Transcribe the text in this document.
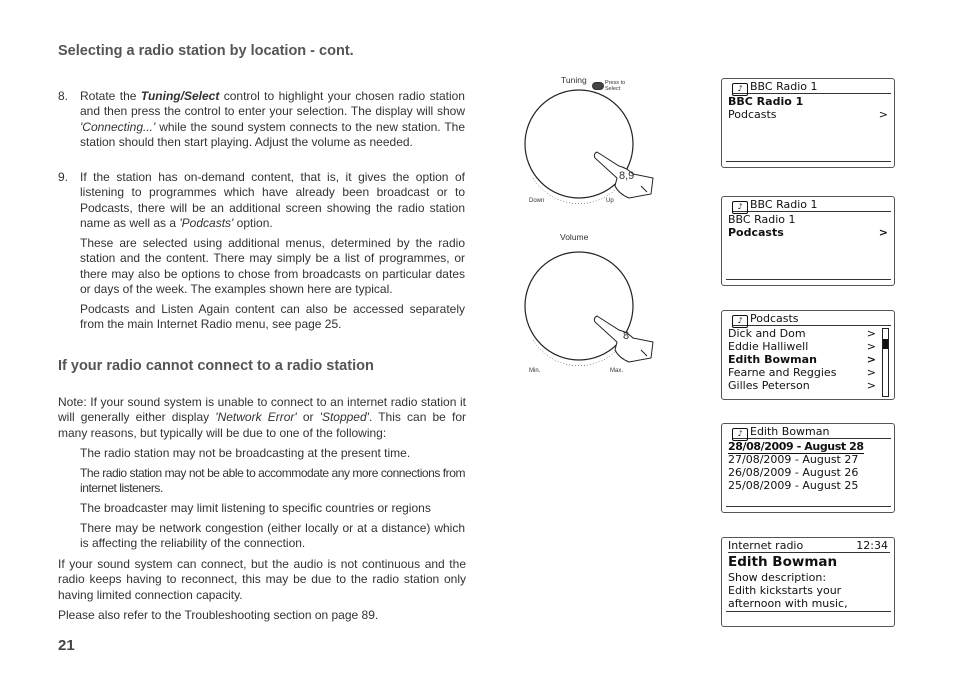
Selecting a radio station by location - cont.
If your radio cannot connect to a radio station
8. Rotate the Tuning/Select control to highlight your chosen radio station and then press the control to enter your selection. The display will show 'Connecting...' while the sound system connects to the new station. The station should then start playing. Adjust the volume as needed.
9. If the station has on-demand content, that is, it gives the option of listening to programmes which have already been broadcast or to Podcasts, there will be an additional screen showing the radio station name as well as a 'Podcasts' option.
These are selected using additional menus, determined by the radio station and the content. There may simply be a list of programmes, or there may also be options to chose from broadcasts on particular dates or days of the week. The examples shown here are typical.
Podcasts and Listen Again content can also be accessed separately from the main Internet Radio menu, see page 25.
Note: If your sound system is unable to connect to an internet radio station it will generally either display 'Network Error' or 'Stopped'. This can be for many reasons, but typically will be due to one of the following:
The radio station may not be broadcasting at the present time.
The radio station may not be able to accommodate any more connections from internet listeners.
The broadcaster may limit listening to specific countries or regions
There may be network congestion (either locally or at a distance) which is affecting the reliability of the connection.
If your sound system can connect, but the audio is not continuous and the radio keeps having to reconnect, this may be due to the radio station only having limited connection capacity.
Please also refer to the Troubleshooting section on page 89.
21
Tuning	Press to Select
8,9
Down	Up
Volume
8
Min.	Max.
♪ BBC Radio 1
BBC Radio 1
Podcasts	>
♪ BBC Radio 1
BBC Radio 1
Podcasts	>
♪ Podcasts
Dick and Dom	>
Eddie Halliwell	>
Edith Bowman	>
Fearne and Reggies	>
Gilles Peterson	>
♪ Edith Bowman
28/08/2009 - August 28
27/08/2009 - August 27
26/08/2009 - August 26
25/08/2009 - August 25
Internet radio	12:34
Edith Bowman
Show description:
Edith kickstarts your
afternoon with music,
